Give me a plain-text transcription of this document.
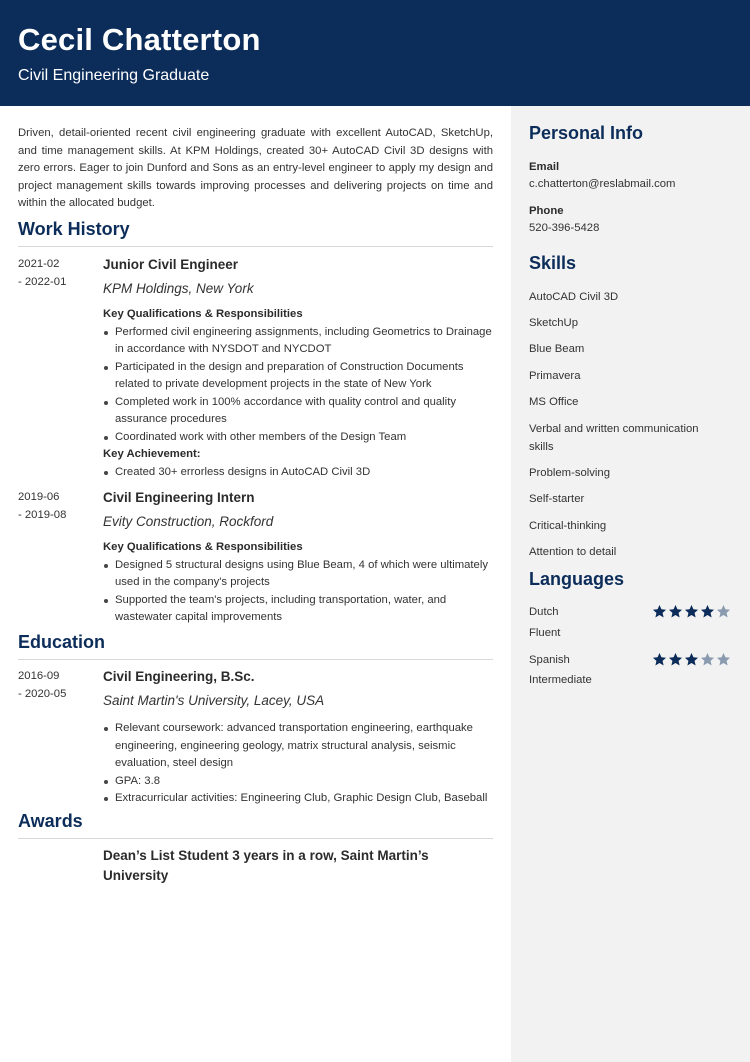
Cecil Chatterton
Civil Engineering Graduate
Driven, detail-oriented recent civil engineering graduate with excellent AutoCAD, SketchUp, and time management skills. At KPM Holdings, created 30+ AutoCAD Civil 3D designs with zero errors. Eager to join Dunford and Sons as an entry-level engineer to apply my design and project management skills towards improving processes and delivering projects on time and within the allocated budget.
Work History
2021-02
- 2022-01
Junior Civil Engineer
KPM Holdings, New York
Key Qualifications & Responsibilities
Performed civil engineering assignments, including Geometrics to Drainage in accordance with NYSDOT and NYCDOT
Participated in the design and preparation of Construction Documents related to private development projects in the state of New York
Completed work in 100% accordance with quality control and quality assurance procedures
Coordinated work with other members of the Design Team
Key Achievement:
Created 30+ errorless designs in AutoCAD Civil 3D
2019-06
- 2019-08
Civil Engineering Intern
Evity Construction, Rockford
Key Qualifications & Responsibilities
Designed 5 structural designs using Blue Beam, 4 of which were ultimately used in the company's projects
Supported the team's projects, including transportation, water, and wastewater capital improvements
Education
2016-09
- 2020-05
Civil Engineering, B.Sc.
Saint Martin's University, Lacey, USA
Relevant coursework: advanced transportation engineering, earthquake engineering, engineering geology, matrix structural analysis, seismic evaluation, steel design
GPA: 3.8
Extracurricular activities: Engineering Club, Graphic Design Club, Baseball
Awards
Dean’s List Student 3 years in a row, Saint Martin’s University
Personal Info
Email
c.chatterton@reslabmail.com
Phone
520-396-5428
Skills
AutoCAD Civil 3D
SketchUp
Blue Beam
Primavera
MS Office
Verbal and written communication skills
Problem-solving
Self-starter
Critical-thinking
Attention to detail
Languages
Dutch
Fluent
Spanish
Intermediate
